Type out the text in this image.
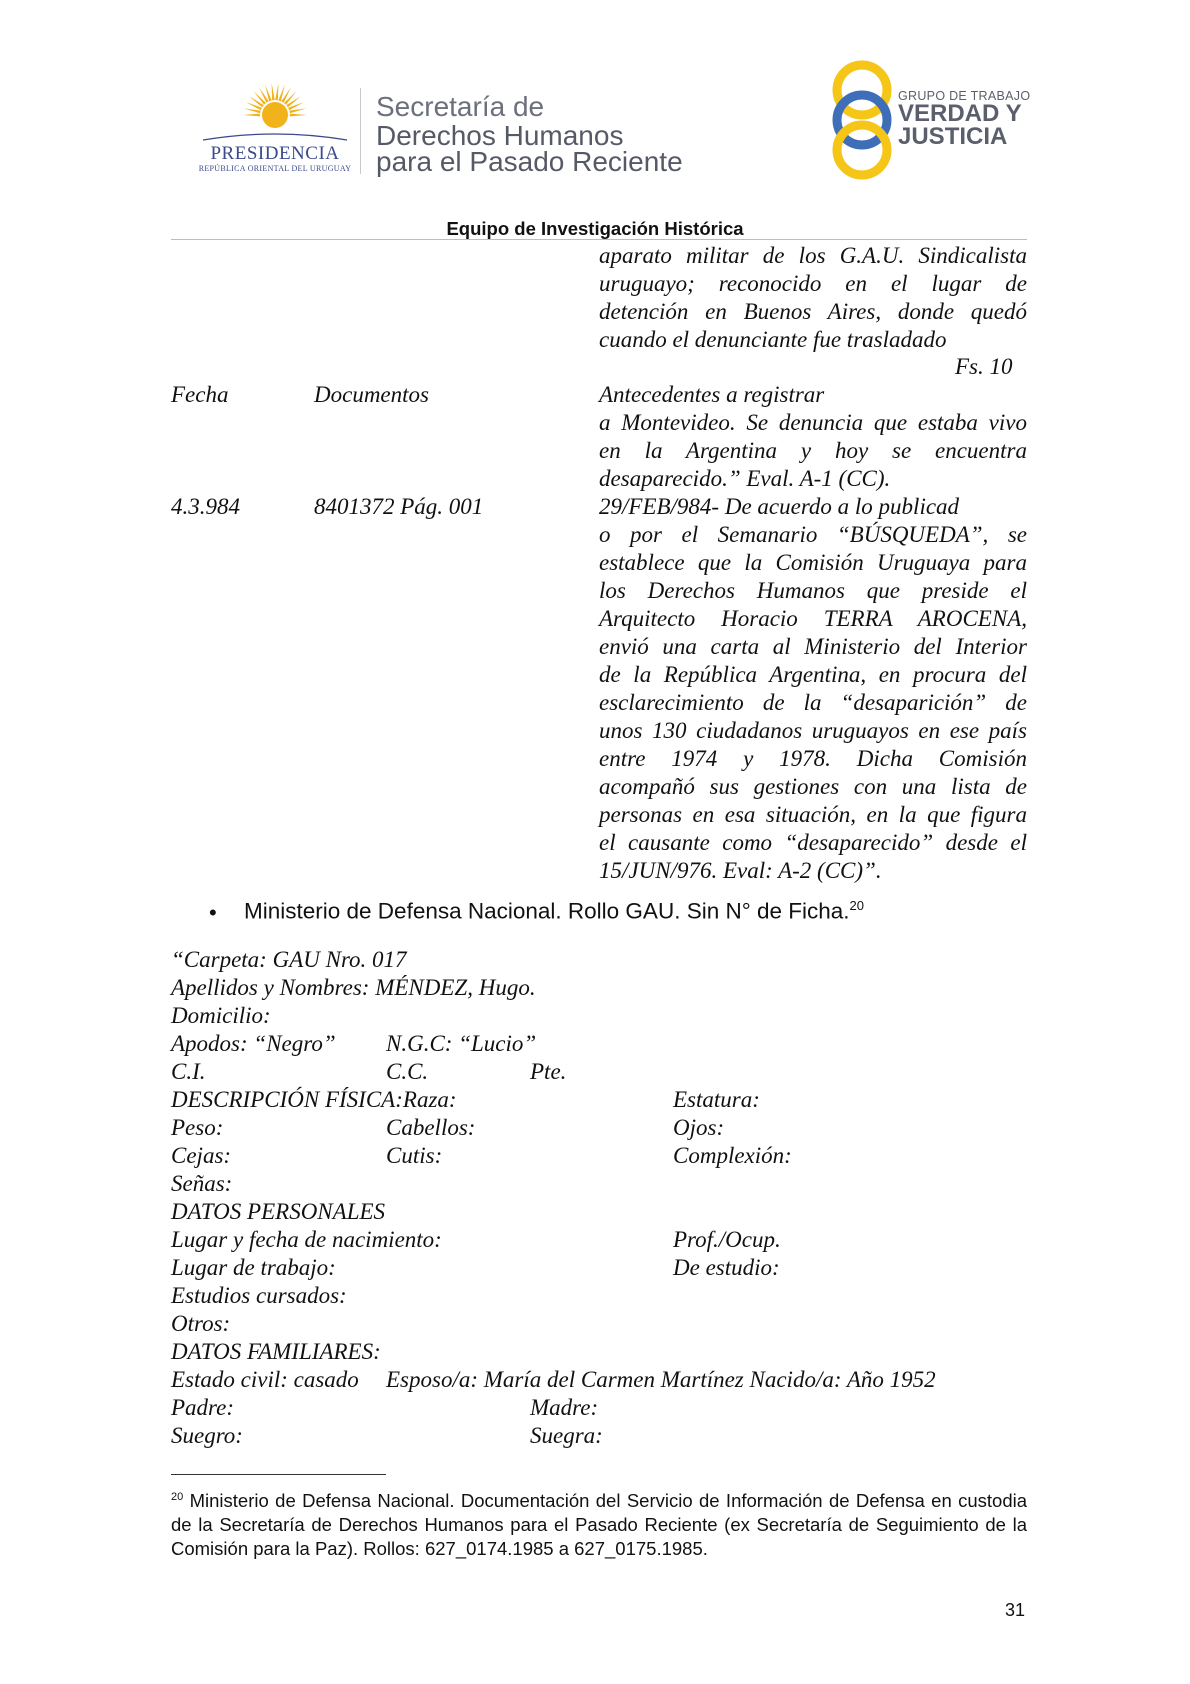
PRESIDENCIA
REPÚBLICA ORIENTAL DEL URUGUAY
Secretaría de
Derechos Humanos
para el Pasado Reciente
GRUPO DE TRABAJO
VERDAD Y
JUSTICIA
Equipo de Investigación Histórica
aparato militar de los G.A.U. Sindicalista
uruguayo; reconocido en el lugar de
detención en Buenos Aires, donde quedó
cuando el denunciante fue trasladado
Fs. 10
Fecha	Documentos	Antecedentes a registrar
a Montevideo. Se denuncia que estaba vivo
en la Argentina y hoy se encuentra
desaparecido.” Eval. A-1 (CC).
4.3.984	8401372 Pág. 001	29/FEB/984- De acuerdo a lo publicad
o por el Semanario “BÚSQUEDA”, se
establece que la Comisión Uruguaya para
los Derechos Humanos que preside el
Arquitecto Horacio TERRA AROCENA,
envió una carta al Ministerio del Interior
de la República Argentina, en procura del
esclarecimiento de la “desaparición” de
unos 130 ciudadanos uruguayos en ese país
entre 1974 y 1978. Dicha Comisión
acompañó sus gestiones con una lista de
personas en esa situación, en la que figura
el causante como “desaparecido” desde el
15/JUN/976. Eval: A-2 (CC)”.
• Ministerio de Defensa Nacional. Rollo GAU. Sin N° de Ficha.$^{20}$
“Carpeta: GAU Nro. 017
Apellidos y Nombres: MÉNDEZ, Hugo.
Domicilio:
Apodos: “Negro” N.G.C: “Lucio”
C.I.	C.C.	Pte.
DESCRIPCIÓN FÍSICA:Raza:	Estatura:
Peso:	Cabellos:	Ojos:
Cejas:	Cutis:	Complexión:
Señas:
DATOS PERSONALES
Lugar y fecha de nacimiento:	Prof./Ocup.
Lugar de trabajo:	De estudio:
Estudios cursados:
Otros:
DATOS FAMILIARES:
Estado civil: casado Esposo/a: María del Carmen Martínez Nacido/a: Año 1952
Padre:	Madre:
Suegro:	Suegra:
$^{20}$ Ministerio de Defensa Nacional. Documentación del Servicio de Información de Defensa en custodia de la Secretaría de Derechos Humanos para el Pasado Reciente (ex Secretaría de Seguimiento de la Comisión para la Paz). Rollos: 627_0174.1985 a 627_0175.1985.
31
